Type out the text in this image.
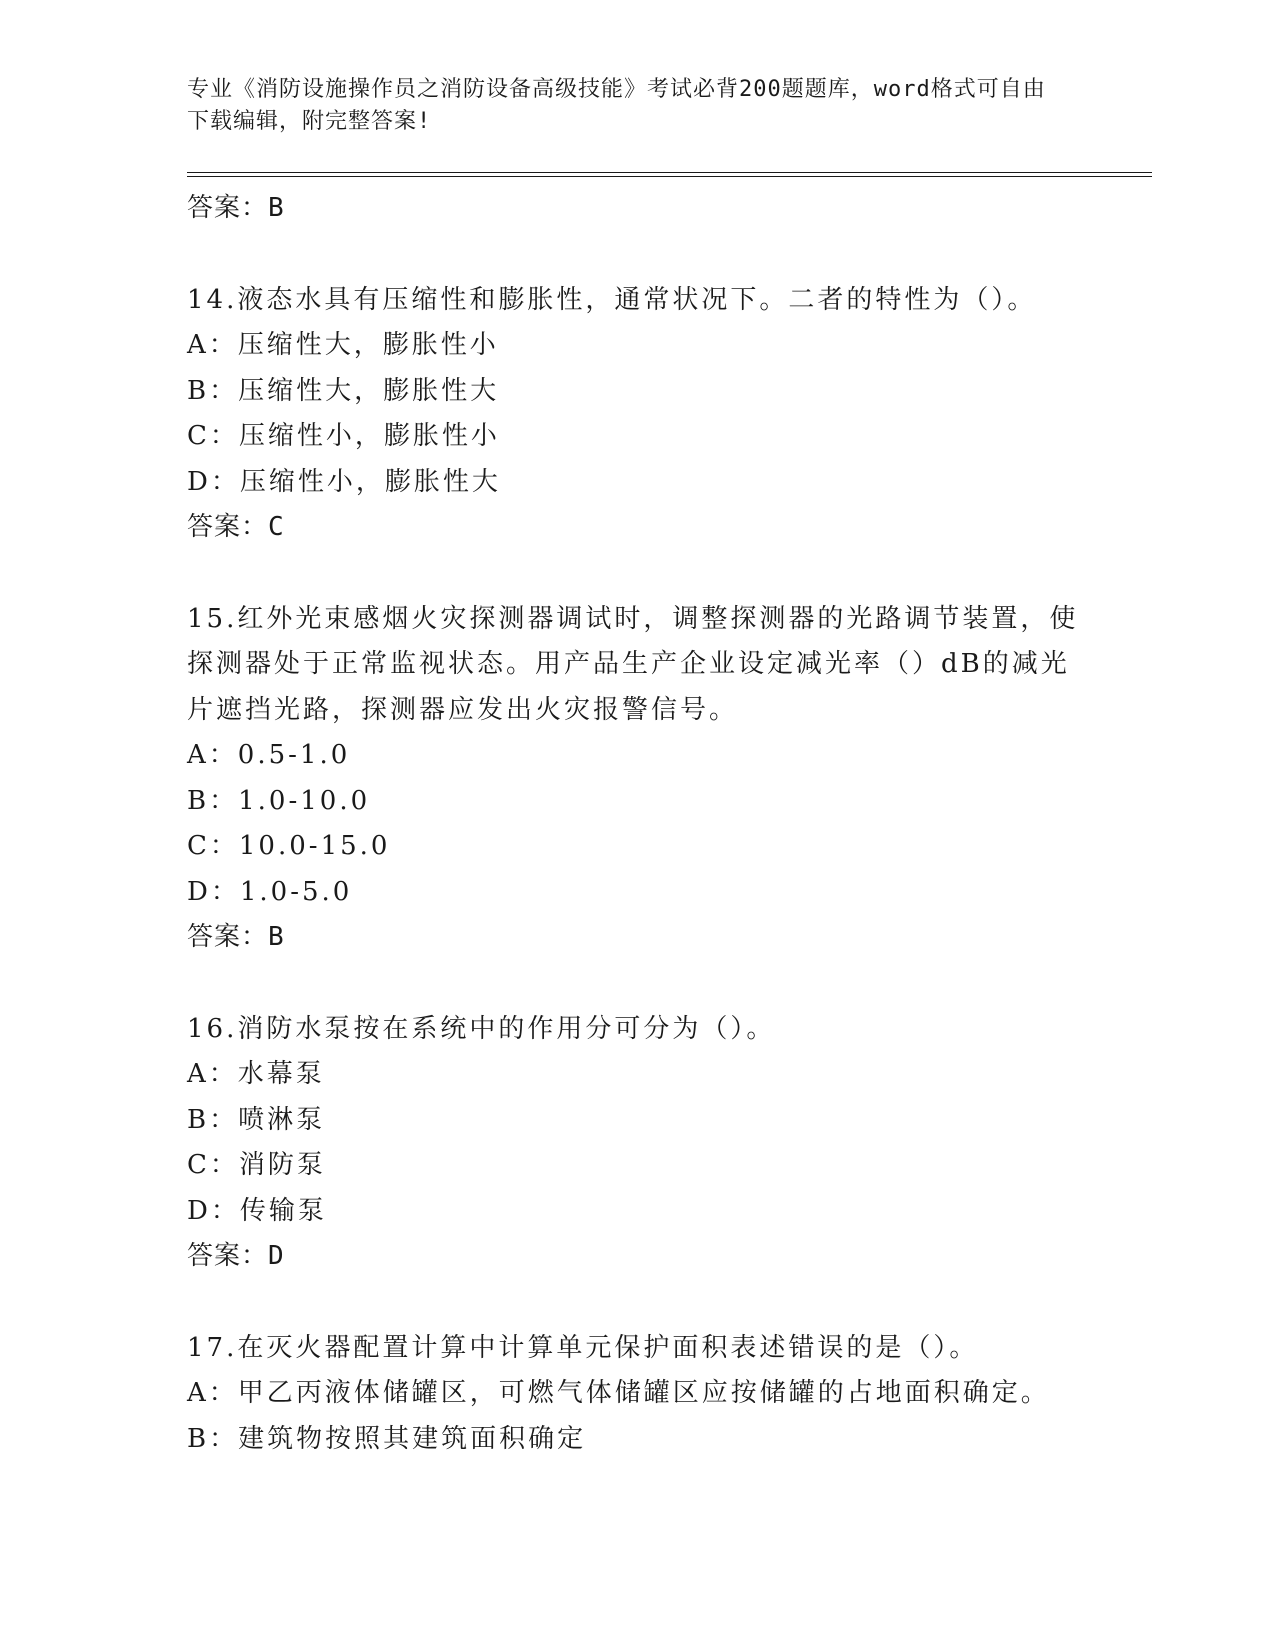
专业《消防设施操作员之消防设备高级技能》考试必背200题题库，word格式可自由下载编辑，附完整答案!
答案：B
14.液态水具有压缩性和膨胀性，通常状况下。二者的特性为（）。
A：压缩性大，膨胀性小
B：压缩性大，膨胀性大
C：压缩性小，膨胀性小
D：压缩性小，膨胀性大
答案：C
15.红外光束感烟火灾探测器调试时，调整探测器的光路调节装置，使探测器处于正常监视状态。用产品生产企业设定减光率（）dB的减光片遮挡光路，探测器应发出火灾报警信号。
A：0.5-1.0
B：1.0-10.0
C：10.0-15.0
D：1.0-5.0
答案：B
16.消防水泵按在系统中的作用分可分为（）。
A：水幕泵
B：喷淋泵
C：消防泵
D：传输泵
答案：D
17.在灭火器配置计算中计算单元保护面积表述错误的是（）。
A：甲乙丙液体储罐区，可燃气体储罐区应按储罐的占地面积确定。
B：建筑物按照其建筑面积确定
